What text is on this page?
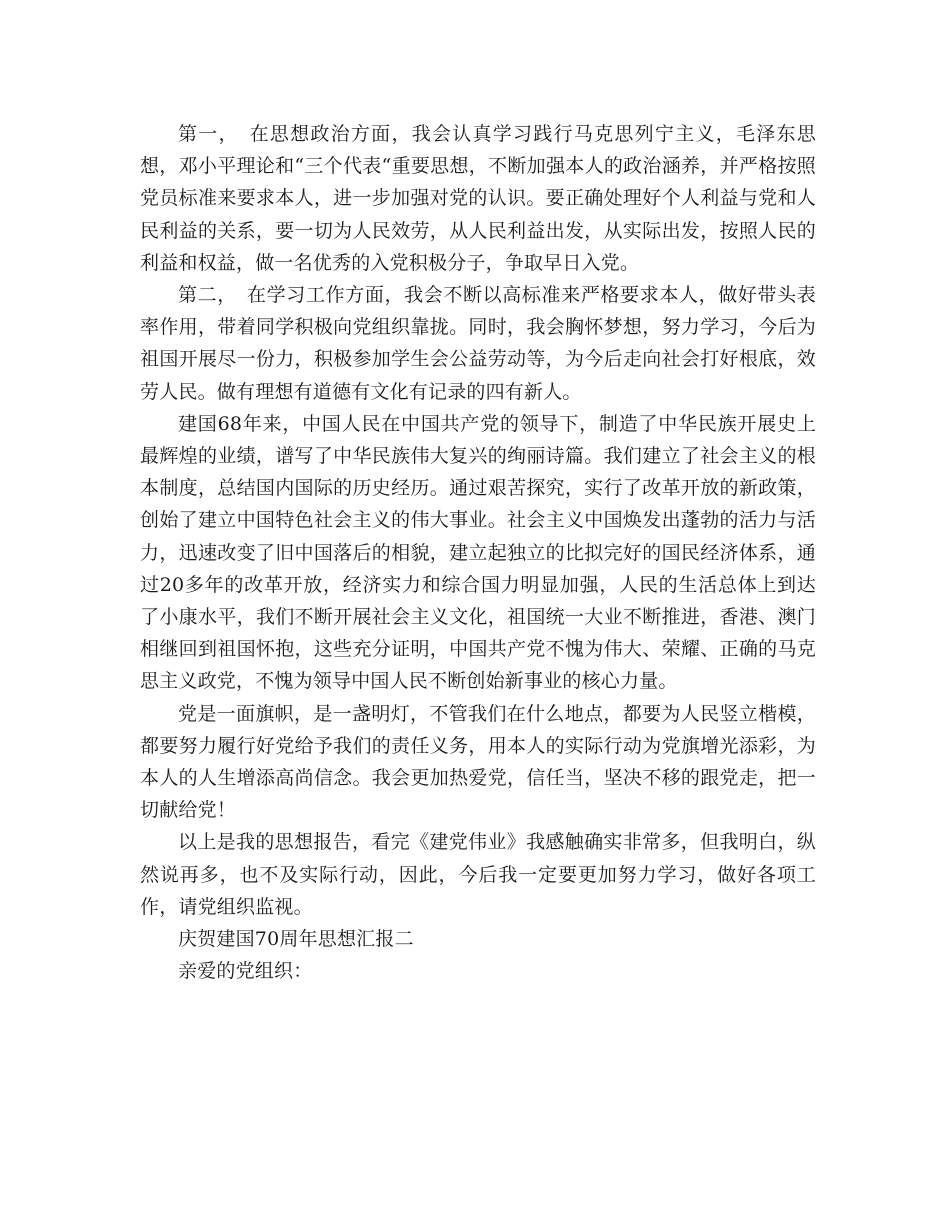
第一，　在思想政治方面，我会认真学习践行马克思列宁主义，毛泽东思想，邓小平理论和“三个代表“重要思想，不断加强本人的政治涵养，并严格按照党员标准来要求本人，进一步加强对党的认识。要正确处理好个人利益与党和人民利益的关系，要一切为人民效劳，从人民利益出发，从实际出发，按照人民的利益和权益，做一名优秀的入党积极分子，争取早日入党。

第二，　在学习工作方面，我会不断以高标准来严格要求本人，做好带头表率作用，带着同学积极向党组织靠拢。同时，我会胸怀梦想，努力学习，今后为祖国开展尽一份力，积极参加学生会公益劳动等，为今后走向社会打好根底，效劳人民。做有理想有道德有文化有记录的四有新人。

建国68年来，中国人民在中国共产党的领导下，制造了中华民族开展史上最辉煌的业绩，谱写了中华民族伟大复兴的绚丽诗篇。我们建立了社会主义的根本制度，总结国内国际的历史经历。通过艰苦探究，实行了改革开放的新政策，创始了建立中国特色社会主义的伟大事业。社会主义中国焕发出蓬勃的活力与活力，迅速改变了旧中国落后的相貌，建立起独立的比拟完好的国民经济体系，通过20多年的改革开放，经济实力和综合国力明显加强，人民的生活总体上到达了小康水平，我们不断开展社会主义文化，祖国统一大业不断推进，香港、澳门相继回到祖国怀抱，这些充分证明，中国共产党不愧为伟大、荣耀、正确的马克思主义政党，不愧为领导中国人民不断创始新事业的核心力量。

党是一面旗帜，是一盏明灯，不管我们在什么地点，都要为人民竖立楷模，都要努力履行好党给予我们的责任义务，用本人的实际行动为党旗增光添彩，为本人的人生增添高尚信念。我会更加热爱党，信任当，坚决不移的跟党走，把一切献给党！

以上是我的思想报告，看完《建党伟业》我感触确实非常多，但我明白，纵然说再多，也不及实际行动，因此，今后我一定要更加努力学习，做好各项工作，请党组织监视。

庆贺建国70周年思想汇报二

亲爱的党组织：
